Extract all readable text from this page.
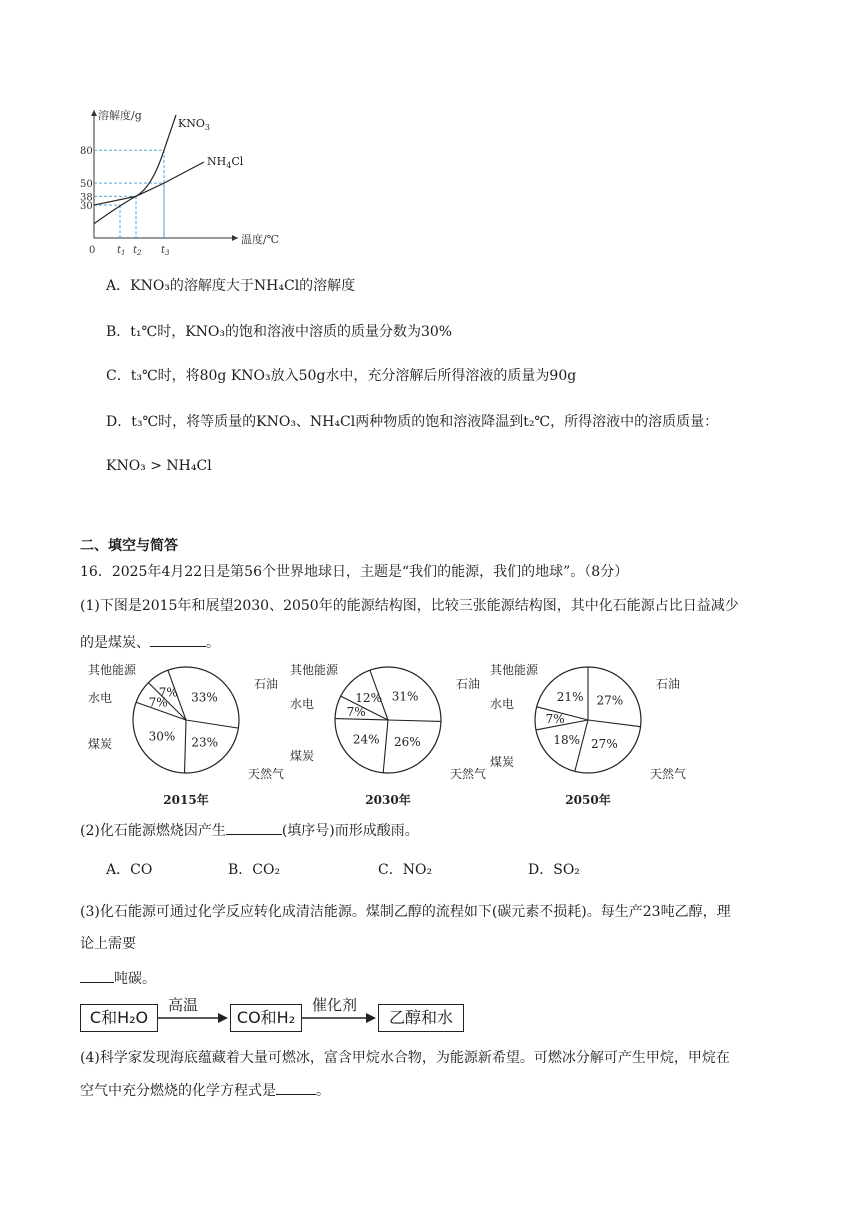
溶解度/g
温度/℃
0
30
38
50
80
$t_1$ $t_2$ $t_3$
$KNO_3$
$NH_4Cl$
A．KNO₃的溶解度大于NH₄Cl的溶解度
B．t₁℃时，KNO₃的饱和溶液中溶质的质量分数为30%
C．t₃℃时，将80g KNO₃放入50g水中，充分溶解后所得溶液的质量为90g
D．t₃℃时，将等质量的KNO₃、NH₄Cl两种物质的饱和溶液降温到t₂℃，所得溶液中的溶质质量：
KNO₃ > NH₄Cl
二、填空与简答
16．2025年4月22日是第56个世界地球日，主题是“我们的能源，我们的地球”。（8分）
(1)下图是2015年和展望2030、2050年的能源结构图，比较三张能源结构图，其中化石能源占比日益减少
的是煤炭、	。
33%
石油
23%
天然气
30%
煤炭
7%
水电	7%
其他能源
2015年
31%
石油
26%
天然气
24%
煤炭
7%
水电	12%
其他能源
2030年
27%
石油
27%
天然气
18%
煤炭
7%
水电
21%
其他能源
2050年
(2)化石能源燃烧因产生	(填序号)而形成酸雨。
A．CO	B．CO₂	C．NO₂	D．SO₂
(3)化石能源可通过化学反应转化成清洁能源。煤制乙醇的流程如下(碳元素不损耗)。每生产23吨乙醇，理
论上需要
吨碳。
C和H₂O
高温
CO和H₂
催化剂
乙醇和水
(4)科学家发现海底蕴藏着大量可燃冰，富含甲烷水合物，为能源新希望。可燃冰分解可产生甲烷，甲烷在
空气中充分燃烧的化学方程式是	。
